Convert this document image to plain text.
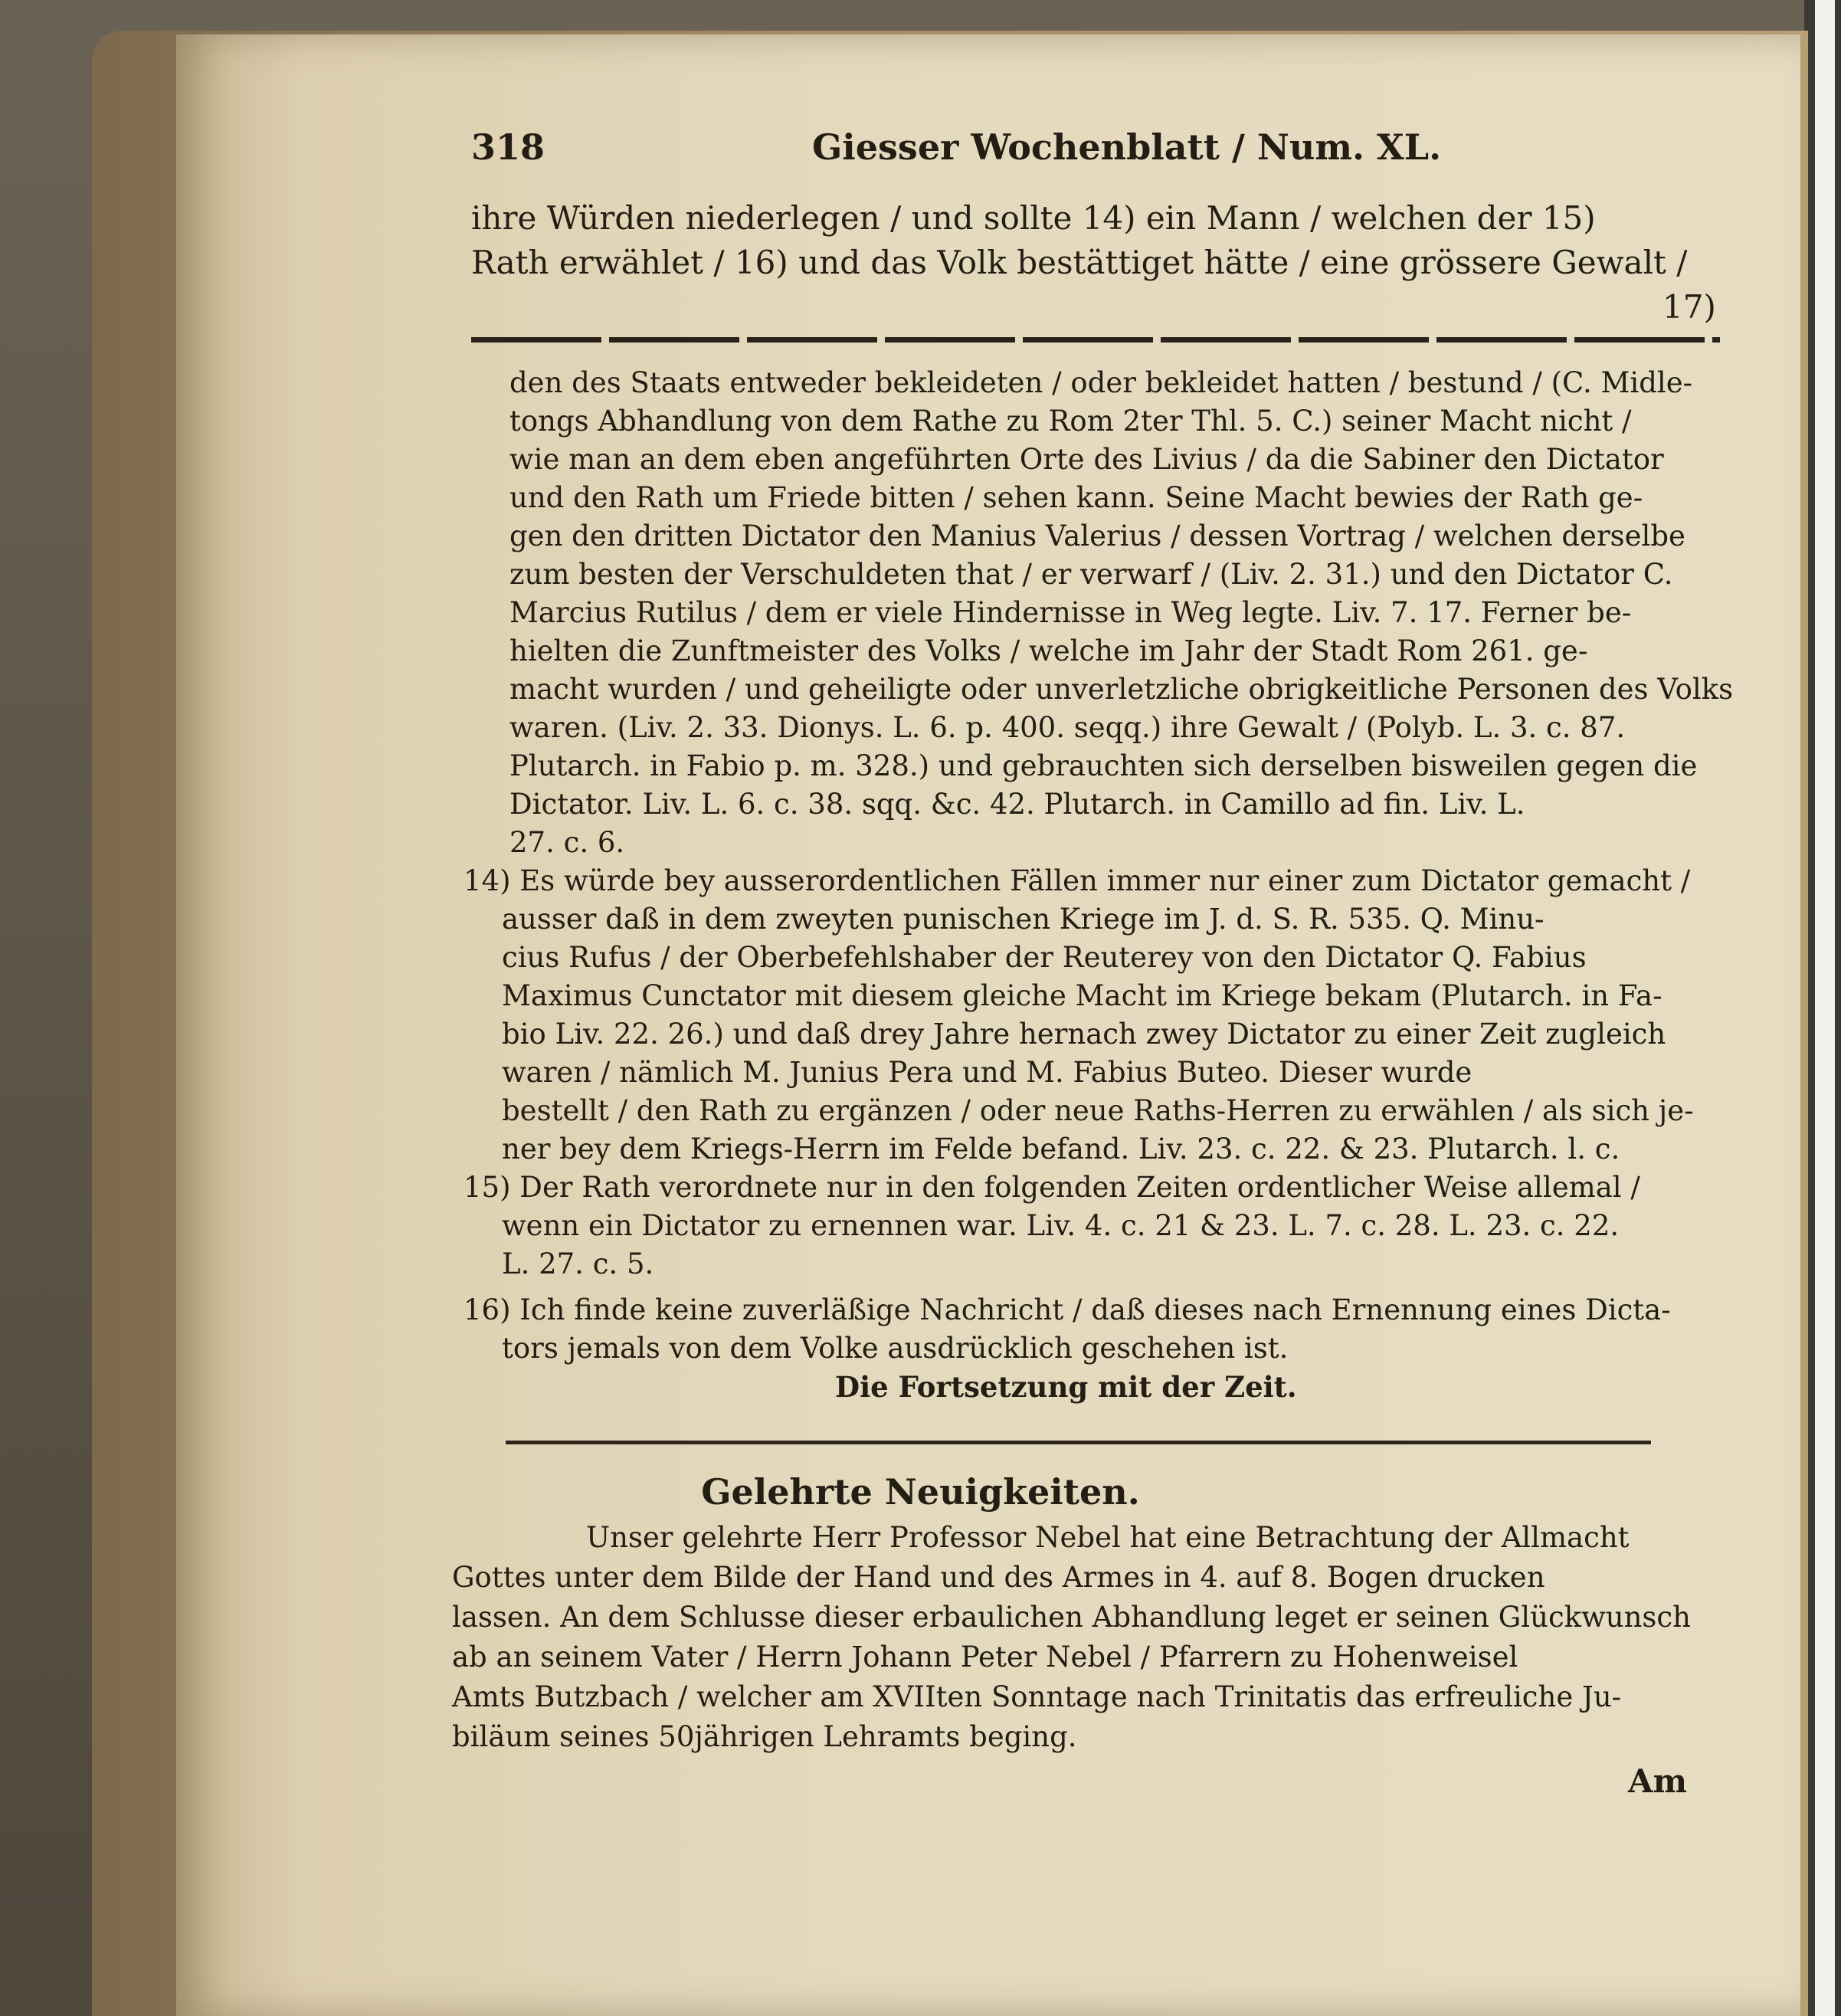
318	Giesser Wochenblatt / Num. XL.
ihre Würden niederlegen / und sollte 14) ein Mann / welchen der 15)
Rath erwählet / 16) und das Volk bestättiget hätte / eine grössere Gewalt /
17)
den des Staats entweder bekleideten / oder bekleidet hatten / bestund / (C. Midle-
tongs Abhandlung von dem Rathe zu Rom 2ter Thl. 5. C.) seiner Macht nicht /
wie man an dem eben angeführten Orte des Livius / da die Sabiner den Dictator
und den Rath um Friede bitten / sehen kann. Seine Macht bewies der Rath ge-
gen den dritten Dictator den Manius Valerius / dessen Vortrag / welchen derselbe
zum besten der Verschuldeten that / er verwarf / (Liv. 2. 31.) und den Dictator C.
Marcius Rutilus / dem er viele Hindernisse in Weg legte. Liv. 7. 17. Ferner be-
hielten die Zunftmeister des Volks / welche im Jahr der Stadt Rom 261. ge-
macht wurden / und geheiligte oder unverletzliche obrigkeitliche Personen des Volks
waren. (Liv. 2. 33. Dionys. L. 6. p. 400. seqq.) ihre Gewalt / (Polyb. L. 3. c. 87.
Plutarch. in Fabio p. m. 328.) und gebrauchten sich derselben bisweilen gegen die
Dictator. Liv. L. 6. c. 38. sqq. &c. 42. Plutarch. in Camillo ad fin. Liv. L.
27. c. 6.
14) Es würde bey ausserordentlichen Fällen immer nur einer zum Dictator gemacht /
ausser daß in dem zweyten punischen Kriege im J. d. S. R. 535. Q. Minu-
cius Rufus / der Oberbefehlshaber der Reuterey von den Dictator Q. Fabius
Maximus Cunctator mit diesem gleiche Macht im Kriege bekam (Plutarch. in Fa-
bio Liv. 22. 26.) und daß drey Jahre hernach zwey Dictator zu einer Zeit zugleich
waren / nämlich M. Junius Pera und M. Fabius Buteo. Dieser wurde
bestellt / den Rath zu ergänzen / oder neue Raths-Herren zu erwählen / als sich je-
ner bey dem Kriegs-Herrn im Felde befand. Liv. 23. c. 22. & 23. Plutarch. l. c.
15) Der Rath verordnete nur in den folgenden Zeiten ordentlicher Weise allemal /
wenn ein Dictator zu ernennen war. Liv. 4. c. 21 & 23. L. 7. c. 28. L. 23. c. 22.
L. 27. c. 5.
16) Ich finde keine zuverläßige Nachricht / daß dieses nach Ernennung eines Dicta-
tors jemals von dem Volke ausdrücklich geschehen ist.
Die Fortsetzung mit der Zeit.
Gelehrte Neuigkeiten.
Unser gelehrte Herr Professor Nebel hat eine Betrachtung der Allmacht
Gottes unter dem Bilde der Hand und des Armes in 4. auf 8. Bogen drucken
lassen. An dem Schlusse dieser erbaulichen Abhandlung leget er seinen Glückwunsch
ab an seinem Vater / Herrn Johann Peter Nebel / Pfarrern zu Hohenweisel
Amts Butzbach / welcher am XVIIten Sonntage nach Trinitatis das erfreuliche Ju-
biläum seines 50jährigen Lehramts beging.
Am
